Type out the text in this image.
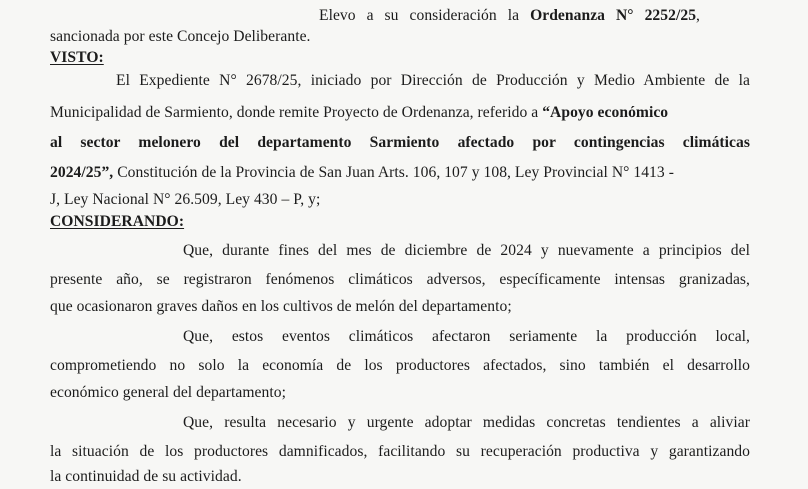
Elevo a su consideración la Ordenanza N° 2252/25,
sancionada por este Concejo Deliberante.
VISTO:
El Expediente N° 2678/25, iniciado por Dirección de Producción y Medio Ambiente de la
Municipalidad de Sarmiento, donde remite Proyecto de Ordenanza, referido a “Apoyo económico
al sector melonero del departamento Sarmiento afectado por contingencias climáticas
2024/25”, Constitución de la Provincia de San Juan Arts. 106, 107 y 108, Ley Provincial N° 1413 -
J, Ley Nacional N° 26.509, Ley 430 – P, y;
CONSIDERANDO:
Que, durante fines del mes de diciembre de 2024 y nuevamente a principios del
presente año, se registraron fenómenos climáticos adversos, específicamente intensas granizadas,
que ocasionaron graves daños en los cultivos de melón del departamento;
Que, estos eventos climáticos afectaron seriamente la producción local,
comprometiendo no solo la economía de los productores afectados, sino también el desarrollo
económico general del departamento;
Que, resulta necesario y urgente adoptar medidas concretas tendientes a aliviar
la situación de los productores damnificados, facilitando su recuperación productiva y garantizando
la continuidad de su actividad.
